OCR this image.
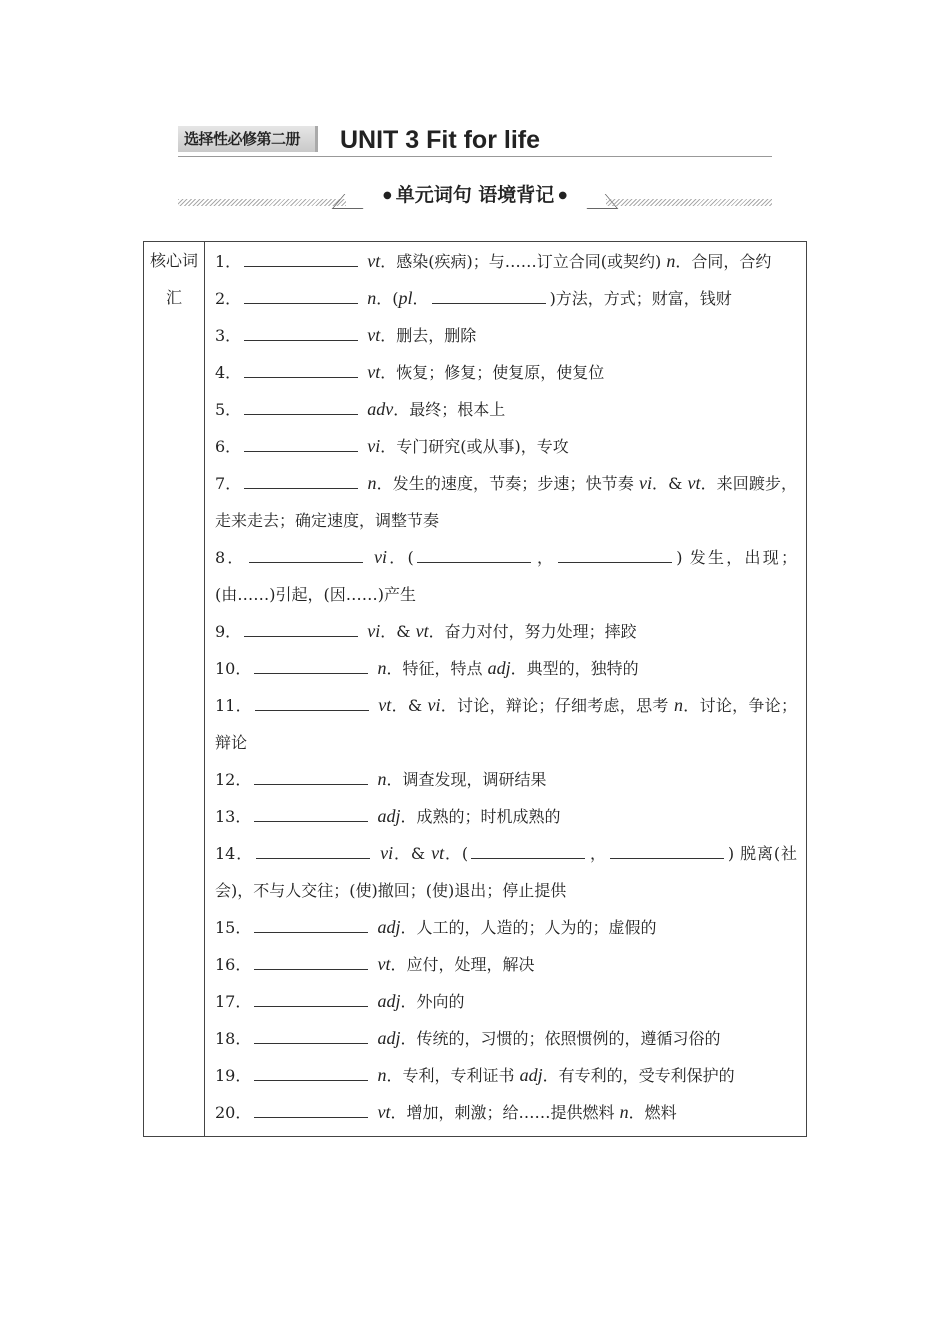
选择性必修第二册	UNIT 3 Fit for life
● 单元词句 语境背记 ●
核心词汇	
1．	vt．感染(疾病)；与……订立合同(或契约) n．合同，合约
2．	n．(pl．	)方法，方式；财富，钱财
3．	vt．删去，删除
4．	vt．恢复；修复；使复原，使复位
5．	adv．最终；根本上
6．	vi．专门研究(或从事)，专攻
7．	n．发生的速度，节奏；步速；快节奏 vi．& vt．来回踱步，走来走去；确定速度，调整节奏
8．	vi．(	，	) 发生，出现；(由……)引起，(因……)产生
9．	vi．& vt．奋力对付，努力处理；摔跤
10．	n．特征，特点 adj．典型的，独特的
11．	vt．& vi．讨论，辩论；仔细考虑，思考 n．讨论，争论；辩论
12．	n．调查发现，调研结果
13．	adj．成熟的；时机成熟的
14．	vi．& vt．(	，	) 脱离(社会)，不与人交往；(使)撤回；(使)退出；停止提供
15．	adj．人工的，人造的；人为的；虚假的
16．	vt．应付，处理，解决
17．	adj．外向的
18．	adj．传统的，习惯的；依照惯例的，遵循习俗的
19．	n．专利，专利证书 adj．有专利的，受专利保护的
20．	vt．增加，刺激；给……提供燃料 n．燃料
